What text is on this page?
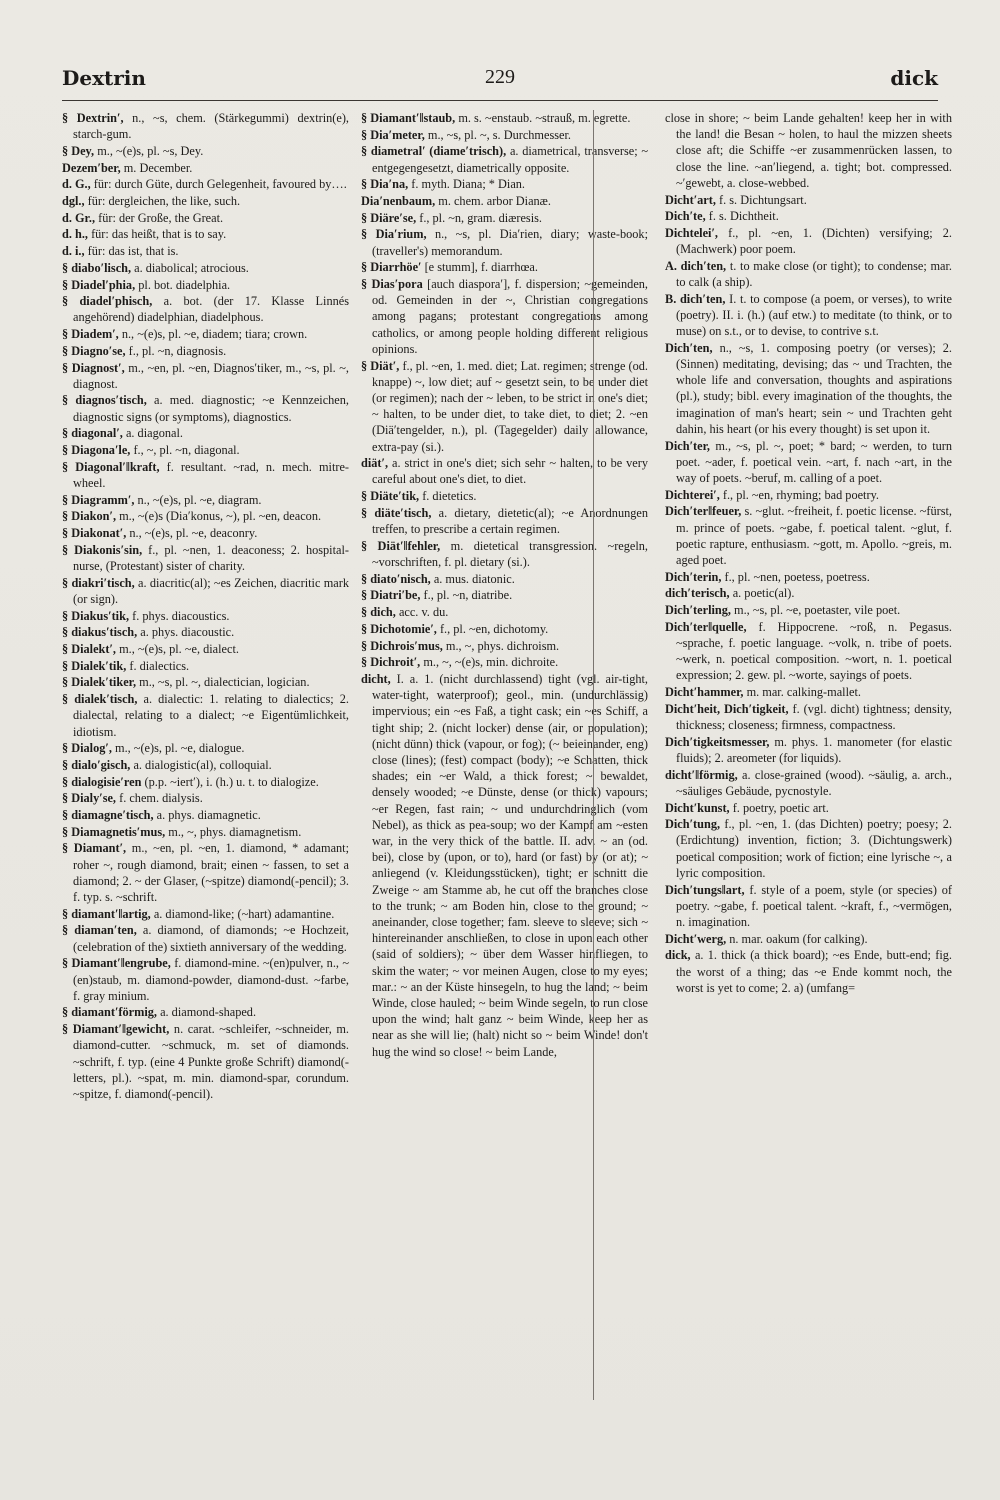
Dextrin	229	dick
§ Dextrin′, n., ~s, chem. (Stärkegummi) dextrin(e), starch-gum.
§ Dey, m., ~(e)s, pl. ~s, Dey.
Dezem′ber, m. December.
d. G., für: durch Güte, durch Gelegenheit, favoured by….
dgl., für: dergleichen, the like, such.
d. Gr., für: der Große, the Great.
d. h., für: das heißt, that is to say.
d. i., für: das ist, that is.
§ diabo′lisch, a. diabolical; atrocious.
§ Diadel′phia, pl. bot. diadelphia.
§ diadel′phisch, a. bot. (der 17. Klasse Linnés angehörend) diadelphian, diadelphous.
§ Diadem′, n., ~(e)s, pl. ~e, diadem; tiara; crown.
§ Diagno′se, f., pl. ~n, diagnosis.
§ Diagnost′, m., ~en, pl. ~en, Diagnos′tiker, m., ~s, pl. ~, diagnost.
§ diagnos′tisch, a. med. diagnostic; ~e Kennzeichen, diagnostic signs (or symptoms), diagnostics.
§ diagonal′, a. diagonal.
§ Diagona′le, f., ~, pl. ~n, diagonal.
§ Diagonal′‖kraft, f. resultant. ~rad, n. mech. mitre-wheel.
§ Diagramm′, n., ~(e)s, pl. ~e, diagram.
§ Diakon′, m., ~(e)s (Dia′konus, ~), pl. ~en, deacon.
§ Diakonat′, n., ~(e)s, pl. ~e, deaconry.
§ Diakonis′sin, f., pl. ~nen, 1. deaconess; 2. hospital-nurse, (Protestant) sister of charity.
§ diakri′tisch, a. diacritic(al); ~es Zeichen, diacritic mark (or sign).
§ Diakus′tik, f. phys. diacoustics.
§ diakus′tisch, a. phys. diacoustic.
§ Dialekt′, m., ~(e)s, pl. ~e, dialect.
§ Dialek′tik, f. dialectics.
§ Dialek′tiker, m., ~s, pl. ~, dialectician, logician.
§ dialek′tisch, a. dialectic: 1. relating to dialectics; 2. dialectal, relating to a dialect; ~e Eigentümlichkeit, idiotism.
§ Dialog′, m., ~(e)s, pl. ~e, dialogue.
§ dialo′gisch, a. dialogistic(al), colloquial.
§ dialogisie′ren (p.p. ~iert′), i. (h.) u. t. to dialogize.
§ Dialy′se, f. chem. dialysis.
§ diamagne′tisch, a. phys. diamagnetic.
§ Diamagnetis′mus, m., ~, phys. diamagnetism.
§ Diamant′, m., ~en, pl. ~en, 1. diamond, * adamant; roher ~, rough diamond, brait; einen ~ fassen, to set a diamond; 2. ~ der Glaser, (~spitze) diamond(-pencil); 3. f. typ. s. ~schrift.
§ diamant′‖artig, a. diamond-like; (~hart) adamantine.
§ diaman′ten, a. diamond, of diamonds; ~e Hochzeit, (celebration of the) sixtieth anniversary of the wedding.
§ Diamant′‖engrube, f. diamond-mine. ~(en)pulver, n., ~(en)staub, m. diamond-powder, diamond-dust. ~farbe, f. gray minium.
§ diamant′förmig, a. diamond-shaped.
§ Diamant′‖gewicht, n. carat. ~schleifer, ~schneider, m. diamond-cutter. ~schmuck, m. set of diamonds. ~schrift, f. typ. (eine 4 Punkte große Schrift) diamond(-letters, pl.). ~spat, m. min. diamond-spar, corundum. ~spitze, f. diamond(-pencil).
§ Diamant′‖staub, m. s. ~enstaub. ~strauß, m. egrette.
§ Dia′meter, m., ~s, pl. ~, s. Durchmesser.
§ diametral′ (diame′trisch), a. diametrical, transverse; ~ entgegengesetzt, diametrically opposite.
§ Dia′na, f. myth. Diana; * Dian.
Dia′nenbaum, m. chem. arbor Dianæ.
§ Diäre′se, f., pl. ~n, gram. diæresis.
§ Dia′rium, n., ~s, pl. Dia′rien, diary; waste-book; (traveller's) memorandum.
§ Diarrhöe′ [e stumm], f. diarrhœa.
§ Dias′pora [auch diaspora′], f. dispersion; ~gemeinden, od. Gemeinden in der ~, Christian congregations among pagans; protestant congregations among catholics, or among people holding different religious opinions.
§ Diät′, f., pl. ~en, 1. med. diet; Lat. regimen; strenge (od. knappe) ~, low diet; auf ~ gesetzt sein, to be under diet (or regimen); nach der ~ leben, to be strict in one's diet; ~ halten, to be under diet, to take diet, to diet; 2. ~en (Diä′tengelder, n.), pl. (Tagegelder) daily allowance, extra-pay (si.).
diät′, a. strict in one's diet; sich sehr ~ halten, to be very careful about one's diet, to diet.
§ Diäte′tik, f. dietetics.
§ diäte′tisch, a. dietary, dietetic(al); ~e Anordnungen treffen, to prescribe a certain regimen.
§ Diät′‖fehler, m. dietetical transgression. ~regeln, ~vorschriften, f. pl. dietary (si.).
§ diato′nisch, a. mus. diatonic.
§ Diatri′be, f., pl. ~n, diatribe.
§ dich, acc. v. du.
§ Dichotomie′, f., pl. ~en, dichotomy.
§ Dichrois′mus, m., ~, phys. dichroism.
§ Dichroit′, m., ~, ~(e)s, min. dichroite.
dicht, I. a. 1. (nicht durchlassend) tight (vgl. air-tight, water-tight, waterproof); geol., min. (undurchlässig) impervious; ein ~es Faß, a tight cask; ein ~es Schiff, a tight ship; 2. (nicht locker) dense (air, or population); (nicht dünn) thick (vapour, or fog); (~ beieinander, eng) close (lines); (fest) compact (body); ~e Schatten, thick shades; ein ~er Wald, a thick forest; ~ bewaldet, densely wooded; ~e Dünste, dense (or thick) vapours; ~er Regen, fast rain; ~ und undurchdringlich (vom Nebel), as thick as pea-soup; wo der Kampf am ~esten war, in the very thick of the battle. II. adv. ~ an (od. bei), close by (upon, or to), hard (or fast) by (or at); ~ anliegend (v. Kleidungsstücken), tight; er schnitt die Zweige ~ am Stamme ab, he cut off the branches close to the trunk; ~ am Boden hin, close to the ground; ~ aneinander, close together; fam. sleeve to sleeve; sich ~ hintereinander anschließen, to close in upon each other (said of soldiers); ~ über dem Wasser hinfliegen, to skim the water; ~ vor meinen Augen, close to my eyes; mar.: ~ an der Küste hinsegeln, to hug the land; ~ beim Winde, close hauled; ~ beim Winde segeln, to run close upon the wind; halt ganz ~ beim Winde, keep her as near as she will lie; (halt) nicht so ~ beim Winde! don't hug the wind so close! ~ beim Lande,
close in shore; ~ beim Lande gehalten! keep her in with the land! die Besan ~ holen, to haul the mizzen sheets close aft; die Schiffe ~er zusammenrücken lassen, to close the line. ~an′liegend, a. tight; bot. compressed. ~′gewebt, a. close-webbed.
Dicht′art, f. s. Dichtungsart.
Dich′te, f. s. Dichtheit.
Dichtelei′, f., pl. ~en, 1. (Dichten) versifying; 2. (Machwerk) poor poem.
A. dich′ten, t. to make close (or tight); to condense; mar. to calk (a ship).
B. dich′ten, I. t. to compose (a poem, or verses), to write (poetry). II. i. (h.) (auf etw.) to meditate (to think, or to muse) on s.t., or to devise, to contrive s.t.
Dich′ten, n., ~s, 1. composing poetry (or verses); 2. (Sinnen) meditating, devising; das ~ und Trachten, the whole life and conversation, thoughts and aspirations (pl.), study; bibl. every imagination of the thoughts, the imagination of man's heart; sein ~ und Trachten geht dahin, his heart (or his every thought) is set upon it.
Dich′ter, m., ~s, pl. ~, poet; * bard; ~ werden, to turn poet. ~ader, f. poetical vein. ~art, f. nach ~art, in the way of poets. ~beruf, m. calling of a poet.
Dichterei′, f., pl. ~en, rhyming; bad poetry.
Dich′ter‖feuer, s. ~glut. ~freiheit, f. poetic license. ~fürst, m. prince of poets. ~gabe, f. poetical talent. ~glut, f. poetic rapture, enthusiasm. ~gott, m. Apollo. ~greis, m. aged poet.
Dich′terin, f., pl. ~nen, poetess, poetress.
dich′terisch, a. poetic(al).
Dich′terling, m., ~s, pl. ~e, poetaster, vile poet.
Dich′ter‖quelle, f. Hippocrene. ~roß, n. Pegasus. ~sprache, f. poetic language. ~volk, n. tribe of poets. ~werk, n. poetical composition. ~wort, n. 1. poetical expression; 2. gew. pl. ~worte, sayings of poets.
Dicht′hammer, m. mar. calking-mallet.
Dicht′heit, Dich′tigkeit, f. (vgl. dicht) tightness; density, thickness; closeness; firmness, compactness.
Dich′tigkeitsmesser, m. phys. 1. manometer (for elastic fluids); 2. areometer (for liquids).
dicht′‖förmig, a. close-grained (wood). ~säulig, a. arch., ~säuliges Gebäude, pycnostyle.
Dicht′kunst, f. poetry, poetic art.
Dich′tung, f., pl. ~en, 1. (das Dichten) poetry; poesy; 2. (Erdichtung) invention, fiction; 3. (Dichtungswerk) poetical composition; work of fiction; eine lyrische ~, a lyric composition.
Dich′tungs‖art, f. style of a poem, style (or species) of poetry. ~gabe, f. poetical talent. ~kraft, f., ~vermögen, n. imagination.
Dicht′werg, n. mar. oakum (for calking).
dick, a. 1. thick (a thick board); ~es Ende, butt-end; fig. the worst of a thing; das ~e Ende kommt noch, the worst is yet to come; 2. a) (umfang=
